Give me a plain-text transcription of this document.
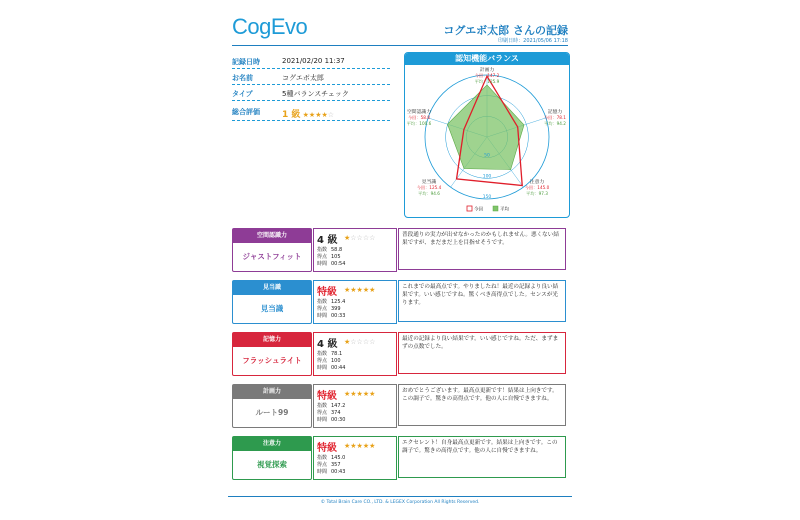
CogEvo	コグエボ太郎 さんの記録
印刷日時：2021/05/06 17:18
記録日時	2021/02/20 11:37
お名前	コグエボ太郎
タイプ	5種バランスチェック
総合評価 1 級 ★★★★☆
認知機能バランス
50
100
150
計画力
今回：147.2
平均：125.9
記憶力
今回：78.1
平均：94.2
注意力
今回：145.0
平均：97.3
見当識
今回：125.4
平均：94.6
空間認識力
今回：58.8
平均：100.6
今回	平均
空間認識力
ジャストフィット
4 級 ★☆☆☆☆
指数 58.8
得点 105
時間 00:54
普段通りの実力が出せなかったのかもしれません。悪くない結果ですが、まだまだ上を目指せそうです。
見当識
見当識
特級 ★★★★★
指数 125.4
得点 399
時間 00:33
これまでの最高点です。やりましたね！最近の記録より良い結果です。いい感じですね。驚くべき高得点でした。センスが光ります。
記憶力
フラッシュライト
4 級 ★☆☆☆☆
指数 78.1
得点 100
時間 00:44
最近の記録より良い結果です。いい感じですね。ただ、まずまずの点数でした。
計画力
ルート99
特級 ★★★★★
指数 147.2
得点 374
時間 00:30
おめでとうございます。最高点更新です！結果は上向きです。この調子で。驚きの高得点です。他の人に自慢できますね。
注意力
視覚探索
特級 ★★★★★
指数 145.0
得点 357
時間 00:43
エクセレント！自身最高点更新です。結果は上向きです。この調子で。驚きの高得点です。他の人に自慢できますね。
© Total Brain Care CO., LTD. & LEGEX Corporation All Rights Reserved.
